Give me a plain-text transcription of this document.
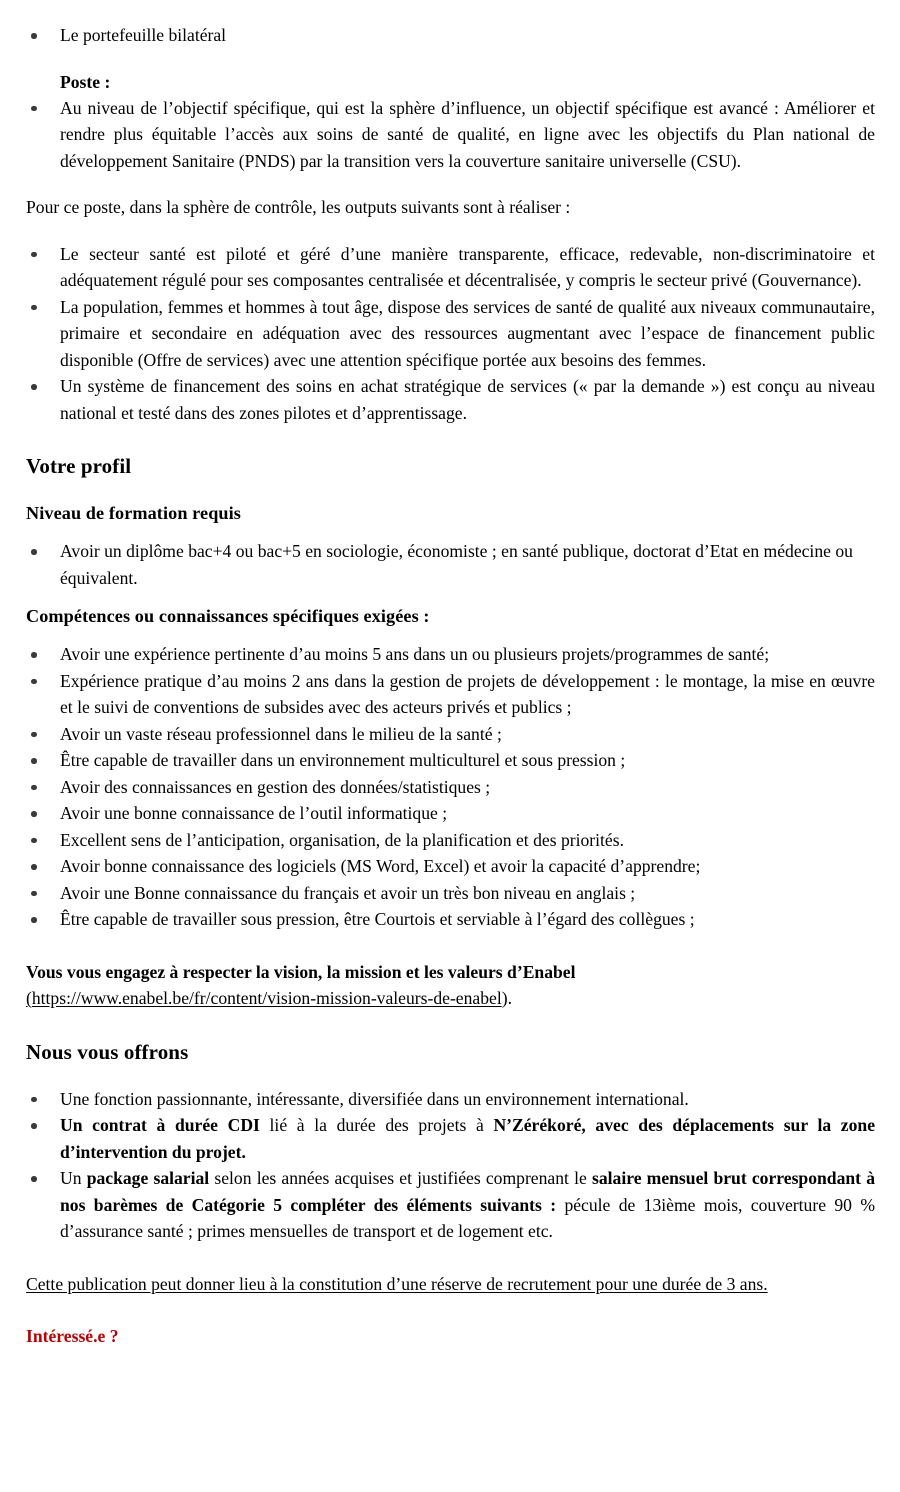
Le portefeuille bilatéral

Poste :

Au niveau de l’objectif spécifique, qui est la sphère d’influence, un objectif spécifique est avancé : Améliorer et rendre plus équitable l’accès aux soins de santé de qualité, en ligne avec les objectifs du Plan national de développement Sanitaire (PNDS) par la transition vers la couverture sanitaire universelle (CSU).

Pour ce poste, dans la sphère de contrôle, les outputs suivants sont à réaliser :

Le secteur santé est piloté et géré d’une manière transparente, efficace, redevable, non-discriminatoire et adéquatement régulé pour ses composantes centralisée et décentralisée, y compris le secteur privé (Gouvernance).
La population, femmes et hommes à tout âge, dispose des services de santé de qualité aux niveaux communautaire, primaire et secondaire en adéquation avec des ressources augmentant avec l’espace de financement public disponible (Offre de services) avec une attention spécifique portée aux besoins des femmes.
Un système de financement des soins en achat stratégique de services (« par la demande ») est conçu au niveau national et testé dans des zones pilotes et d’apprentissage.
Votre profil
Niveau de formation requis
Avoir un diplôme bac+4 ou bac+5 en sociologie, économiste ; en santé publique, doctorat d’Etat en médecine ou équivalent.
Compétences ou connaissances spécifiques exigées :
Avoir une expérience pertinente d’au moins 5 ans dans un ou plusieurs projets/programmes de santé;
Expérience pratique d’au moins 2 ans dans la gestion de projets de développement : le montage, la mise en œuvre et le suivi de conventions de subsides avec des acteurs privés et publics ;
Avoir un vaste réseau professionnel dans le milieu de la santé ;
Être capable de travailler dans un environnement multiculturel et sous pression ;
Avoir des connaissances en gestion des données/statistiques ;
Avoir une bonne connaissance de l’outil informatique ;
Excellent sens de l’anticipation, organisation, de la planification et des priorités.
Avoir bonne connaissance des logiciels (MS Word, Excel) et avoir la capacité d’apprendre;
Avoir une Bonne connaissance du français et avoir un très bon niveau en anglais ;
Être capable de travailler sous pression, être Courtois et serviable à l’égard des collègues ;

Vous vous engagez à respecter la vision, la mission et les valeurs d’Enabel

(https://www.enabel.be/fr/content/vision-mission-valeurs-de-enabel).

Nous vous offrons
Une fonction passionnante, intéressante, diversifiée dans un environnement international.
Un contrat à durée CDI lié à la durée des projets à N’Zérékoré, avec des déplacements sur la zone d’intervention du projet.
Un package salarial selon les années acquises et justifiées comprenant le salaire mensuel brut correspondant à nos barèmes de Catégorie 5 compléter des éléments suivants : pécule de 13ième mois, couverture 90 % d’assurance santé ; primes mensuelles de transport et de logement etc.

Cette publication peut donner lieu à la constitution d’une réserve de recrutement pour une durée de 3 ans.

Intéressé.e ?
